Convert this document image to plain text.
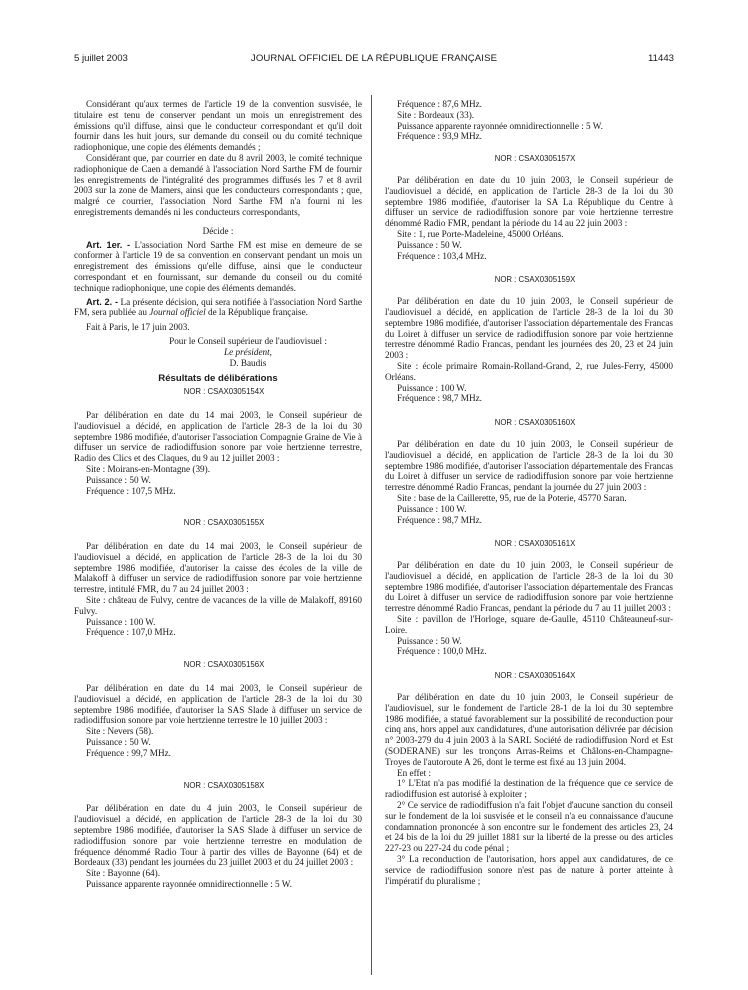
5 juillet 2003	JOURNAL OFFICIEL DE LA RÉPUBLIQUE FRANÇAISE	11443

Considérant qu'aux termes de l'article 19 de la convention susvisée, le titulaire est tenu de conserver pendant un mois un enregistrement des émissions qu'il diffuse, ainsi que le conducteur correspondant et qu'il doit fournir dans les huit jours, sur demande du conseil ou du comité technique radiophonique, une copie des éléments demandés ;

Considérant que, par courrier en date du 8 avril 2003, le comité technique radiophonique de Caen a demandé à l'association Nord Sarthe FM de fournir les enregistrements de l'intégralité des programmes diffusés les 7 et 8 avril 2003 sur la zone de Mamers, ainsi que les conducteurs correspondants ; que, malgré ce courrier, l'association Nord Sarthe FM n'a fourni ni les enregistrements demandés ni les conducteurs correspondants,

Décide :

Art. 1er. - L'association Nord Sarthe FM est mise en demeure de se conformer à l'article 19 de sa convention en conservant pendant un mois un enregistrement des émissions qu'elle diffuse, ainsi que le conducteur correspondant et en fournissant, sur demande du conseil ou du comité technique radiophonique, une copie des éléments demandés.

Art. 2. - La présente décision, qui sera notifiée à l'association Nord Sarthe FM, sera publiée au Journal officiel de la République française.

Fait à Paris, le 17 juin 2003.

Pour le Conseil supérieur de l'audiovisuel :

Le président,

D. Baudis

Résultats de délibérations

NOR : CSAX0305154X

Par délibération en date du 14 mai 2003, le Conseil supérieur de l'audiovisuel a décidé, en application de l'article 28-3 de la loi du 30 septembre 1986 modifiée, d'autoriser l'association Compagnie Graine de Vie à diffuser un service de radiodiffusion sonore par voie hertzienne terrestre, Radio des Clics et des Claques, du 9 au 12 juillet 2003 :

Site : Moirans-en-Montagne (39).

Puissance : 50 W.

Fréquence : 107,5 MHz.

NOR : CSAX0305155X

Par délibération en date du 14 mai 2003, le Conseil supérieur de l'audiovisuel a décidé, en application de l'article 28-3 de la loi du 30 septembre 1986 modifiée, d'autoriser la caisse des écoles de la ville de Malakoff à diffuser un service de radiodiffusion sonore par voie hertzienne terrestre, intitulé FMR, du 7 au 24 juillet 2003 :

Site : château de Fulvy, centre de vacances de la ville de Malakoff, 89160 Fulvy.

Puissance : 100 W.

Fréquence : 107,0 MHz.

NOR : CSAX0305156X

Par délibération en date du 14 mai 2003, le Conseil supérieur de l'audiovisuel a décidé, en application de l'article 28-3 de la loi du 30 septembre 1986 modifiée, d'autoriser la SAS Slade à diffuser un service de radiodiffusion sonore par voie hertzienne terrestre le 10 juillet 2003 :

Site : Nevers (58).

Puissance : 50 W.

Fréquence : 99,7 MHz.

NOR : CSAX0305158X

Par délibération en date du 4 juin 2003, le Conseil supérieur de l'audiovisuel a décidé, en application de l'article 28-3 de la loi du 30 septembre 1986 modifiée, d'autoriser la SAS Slade à diffuser un service de radiodiffusion sonore par voie hertzienne terrestre en modulation de fréquence dénommé Radio Tour à partir des villes de Bayonne (64) et de Bordeaux (33) pendant les journées du 23 juillet 2003 et du 24 juillet 2003 :

Site : Bayonne (64).

Puissance apparente rayonnée omnidirectionnelle : 5 W.

Fréquence : 87,6 MHz.

Site : Bordeaux (33).

Puissance apparente rayonnée omnidirectionnelle : 5 W.

Fréquence : 93,9 MHz.

NOR : CSAX0305157X

Par délibération en date du 10 juin 2003, le Conseil supérieur de l'audiovisuel a décidé, en application de l'article 28-3 de la loi du 30 septembre 1986 modifiée, d'autoriser la SA La République du Centre à diffuser un service de radiodiffusion sonore par voie hertzienne terrestre dénommé Radio FMR, pendant la période du 14 au 22 juin 2003 :

Site : 1, rue Porte-Madeleine, 45000 Orléans.

Puissance : 50 W.

Fréquence : 103,4 MHz.

NOR : CSAX0305159X

Par délibération en date du 10 juin 2003, le Conseil supérieur de l'audiovisuel a décidé, en application de l'article 28-3 de la loi du 30 septembre 1986 modifiée, d'autoriser l'association départementale des Francas du Loiret à diffuser un service de radiodiffusion sonore par voie hertzienne terrestre dénommé Radio Francas, pendant les journées des 20, 23 et 24 juin 2003 :

Site : école primaire Romain-Rolland-Grand, 2, rue Jules-Ferry, 45000 Orléans.

Puissance : 100 W.

Fréquence : 98,7 MHz.

NOR : CSAX0305160X

Par délibération en date du 10 juin 2003, le Conseil supérieur de l'audiovisuel a décidé, en application de l'article 28-3 de la loi du 30 septembre 1986 modifiée, d'autoriser l'association départementale des Francas du Loiret à diffuser un service de radiodiffusion sonore par voie hertzienne terrestre dénommé Radio Francas, pendant la journée du 27 juin 2003 :

Site : base de la Caillerette, 95, rue de la Poterie, 45770 Saran.

Puissance : 100 W.

Fréquence : 98,7 MHz.

NOR : CSAX0305161X

Par délibération en date du 10 juin 2003, le Conseil supérieur de l'audiovisuel a décidé, en application de l'article 28-3 de la loi du 30 septembre 1986 modifiée, d'autoriser l'association départementale des Francas du Loiret à diffuser un service de radiodiffusion sonore par voie hertzienne terrestre dénommé Radio Francas, pendant la période du 7 au 11 juillet 2003 :

Site : pavillon de l'Horloge, square de-Gaulle, 45110 Châteauneuf-sur-Loire.

Puissance : 50 W.

Fréquence : 100,0 MHz.

NOR : CSAX0305164X

Par délibération en date du 10 juin 2003, le Conseil supérieur de l'audiovisuel, sur le fondement de l'article 28-1 de la loi du 30 septembre 1986 modifiée, a statué favorablement sur la possibilité de reconduction pour cinq ans, hors appel aux candidatures, d'une autorisation délivrée par décision n° 2003-279 du 4 juin 2003 à la SARL Société de radiodiffusion Nord et Est (SODERANE) sur les tronçons Arras-Reims et Châlons-en-Champagne-Troyes de l'autoroute A 26, dont le terme est fixé au 13 juin 2004.

En effet :

1° L'Etat n'a pas modifié la destination de la fréquence que ce service de radiodiffusion est autorisé à exploiter ;

2° Ce service de radiodiffusion n'a fait l'objet d'aucune sanction du conseil sur le fondement de la loi susvisée et le conseil n'a eu connaissance d'aucune condamnation prononcée à son encontre sur le fondement des articles 23, 24 et 24 bis de la loi du 29 juillet 1881 sur la liberté de la presse ou des articles 227-23 ou 227-24 du code pénal ;

3° La reconduction de l'autorisation, hors appel aux candidatures, de ce service de radiodiffusion sonore n'est pas de nature à porter atteinte à l'impératif du pluralisme ;
